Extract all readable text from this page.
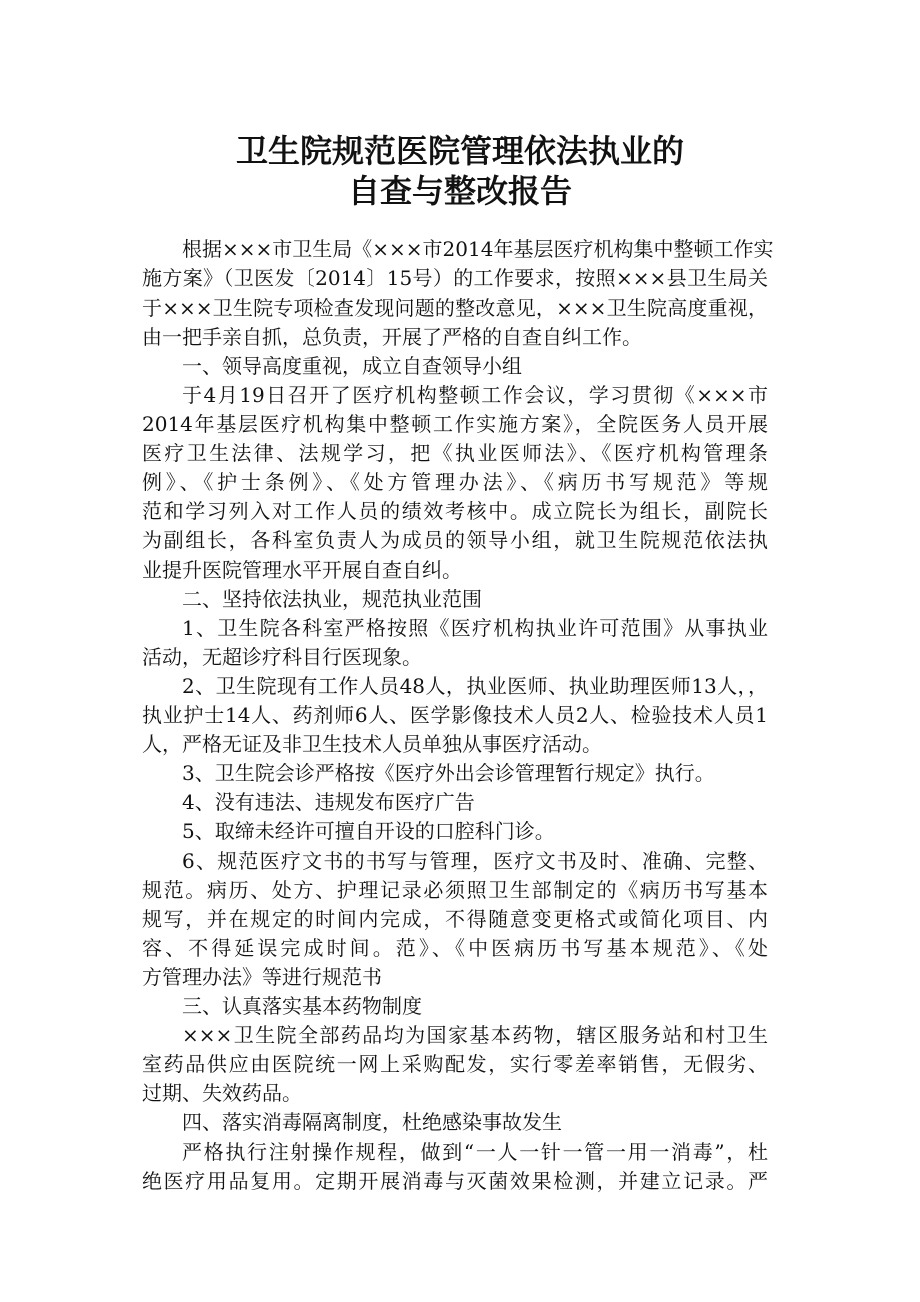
卫生院规范医院管理依法执业的
自查与整改报告
根据×××市卫生局《×××市2014年基层医疗机构集中整顿工作实
施方案》（卫医发〔2014〕15号）的工作要求，按照×××县卫生局关
于×××卫生院专项检查发现问题的整改意见，×××卫生院高度重视，
由一把手亲自抓，总负责，开展了严格的自查自纠工作。
一、领导高度重视，成立自查领导小组
于4月19日召开了医疗机构整顿工作会议，学习贯彻《×××市
2014年基层医疗机构集中整顿工作实施方案》，全院医务人员开展
医疗卫生法律、法规学习，把《执业医师法》、《医疗机构管理条
例》、《护士条例》、《处方管理办法》、《病历书写规范》等规
范和学习列入对工作人员的绩效考核中。成立院长为组长，副院长
为副组长，各科室负责人为成员的领导小组，就卫生院规范依法执
业提升医院管理水平开展自查自纠。
二、坚持依法执业，规范执业范围
1、卫生院各科室严格按照《医疗机构执业许可范围》从事执业
活动，无超诊疗科目行医现象。
2、卫生院现有工作人员48人，执业医师、执业助理医师13人，，
执业护士14人、药剂师6人、医学影像技术人员2人、检验技术人员1
人，严格无证及非卫生技术人员单独从事医疗活动。
3、卫生院会诊严格按《医疗外出会诊管理暂行规定》执行。
4、没有违法、违规发布医疗广告
5、取缔未经许可擅自开设的口腔科门诊。
6、规范医疗文书的书写与管理，医疗文书及时、准确、完整、
规范。病历、处方、护理记录必须照卫生部制定的《病历书写基本
规写，并在规定的时间内完成，不得随意变更格式或简化项目、内
容、不得延误完成时间。范》、《中医病历书写基本规范》、《处
方管理办法》等进行规范书
三、认真落实基本药物制度
×××卫生院全部药品均为国家基本药物，辖区服务站和村卫生
室药品供应由医院统一网上采购配发，实行零差率销售，无假劣、
过期、失效药品。
四、落实消毒隔离制度，杜绝感染事故发生
严格执行注射操作规程，做到“一人一针一管一用一消毒”，杜
绝医疗用品复用。定期开展消毒与灭菌效果检测，并建立记录。严
